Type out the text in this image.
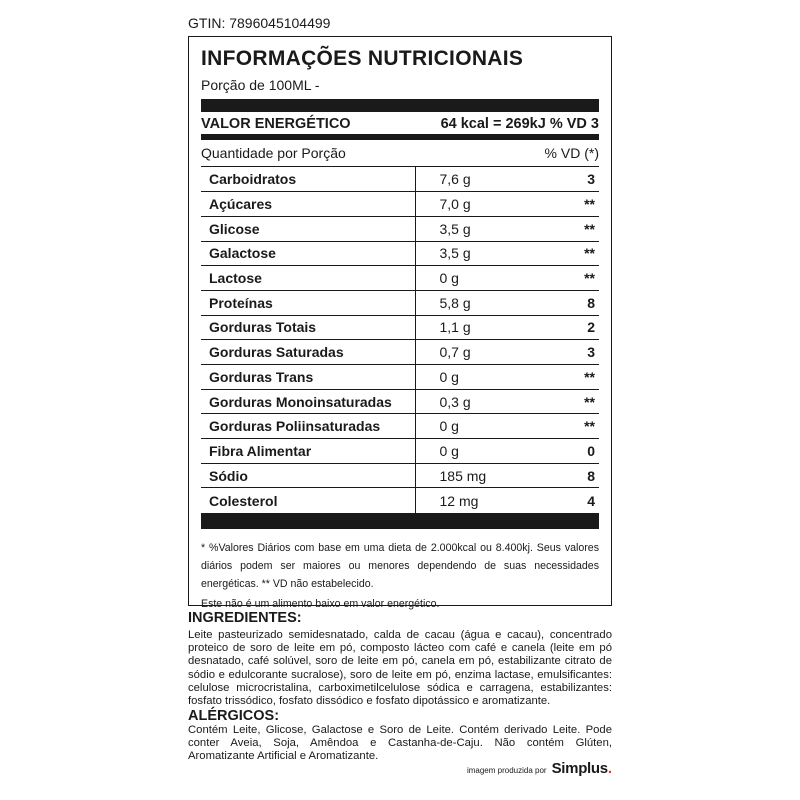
GTIN: 7896045104499
INFORMAÇÕES NUTRICIONAIS
Porção de 100ML -
VALOR ENERGÉTICO	64 kcal = 269kJ % VD 3
Quantidade por Porção	% VD (*)
Carboidratos	7,6 g	3
Açúcares	7,0 g	**
Glicose	3,5 g	**
Galactose	3,5 g	**
Lactose	0 g	**
Proteínas	5,8 g	8
Gorduras Totais	1,1 g	2
Gorduras Saturadas	0,7 g	3
Gorduras Trans	0 g	**
Gorduras Monoinsaturadas	0,3 g	**
Gorduras Poliinsaturadas	0 g	**
Fibra Alimentar	0 g	0
Sódio	185 mg	8
Colesterol	12 mg	4
* %Valores Diários com base em uma dieta de 2.000kcal ou 8.400kj. Seus valores diários podem ser maiores ou menores dependendo de suas necessidades energéticas. ** VD não estabelecido.
Este não é um alimento baixo em valor energético.
INGREDIENTES:
Leite pasteurizado semidesnatado, calda de cacau (água e cacau), concentrado proteico de soro de leite em pó, composto lácteo com café e canela (leite em pó desnatado, café solúvel, soro de leite em pó, canela em pó, estabilizante citrato de sódio e edulcorante sucralose), soro de leite em pó, enzima lactase, emulsificantes: celulose microcristalina, carboximetilcelulose sódica e carragena, estabilizantes: fosfato trissódico, fosfato dissódico e fosfato dipotássico e aromatizante.
ALÉRGICOS:
Contém Leite, Glicose, Galactose e Soro de Leite. Contém derivado Leite. Pode conter Aveia, Soja, Amêndoa e Castanha-de-Caju. Não contém Glúten, Aromatizante Artificial e Aromatizante.
imagem produzida por Simplus.
